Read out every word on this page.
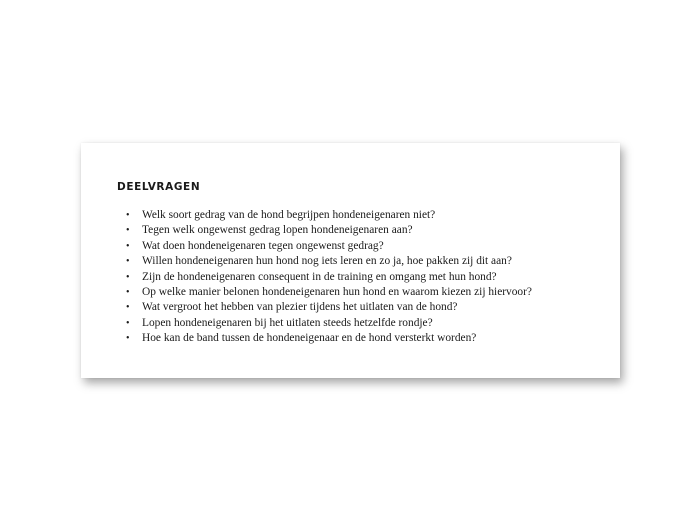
DEELVRAGEN
• Welk soort gedrag van de hond begrijpen hondeneigenaren niet?
• Tegen welk ongewenst gedrag lopen hondeneigenaren aan?
• Wat doen hondeneigenaren tegen ongewenst gedrag?
• Willen hondeneigenaren hun hond nog iets leren en zo ja, hoe pakken zij dit aan?
• Zijn de hondeneigenaren consequent in de training en omgang met hun hond?
• Op welke manier belonen hondeneigenaren hun hond en waarom kiezen zij hiervoor?
• Wat vergroot het hebben van plezier tijdens het uitlaten van de hond?
• Lopen hondeneigenaren bij het uitlaten steeds hetzelfde rondje?
• Hoe kan de band tussen de hondeneigenaar en de hond versterkt worden?
